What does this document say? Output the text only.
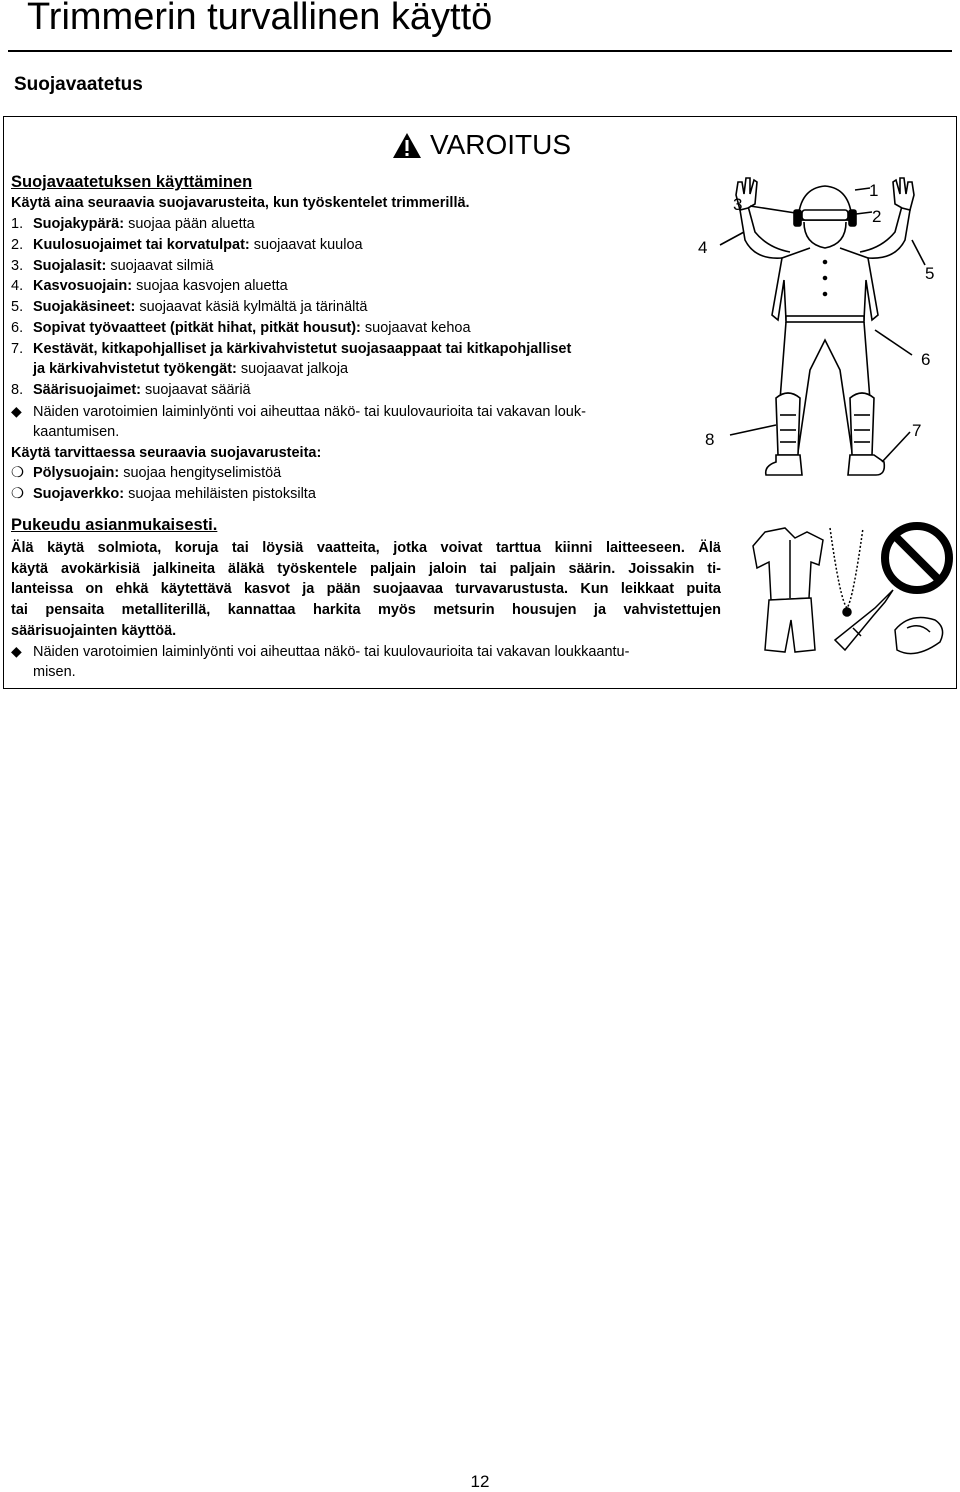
Trimmerin turvallinen käyttö
Suojavaatetus
VAROITUS
Suojavaatetuksen käyttäminen
Käytä aina seuraavia suojavarusteita, kun työskentelet trimmerillä.
1. Suojakypärä: suojaa pään aluetta
2. Kuulosuojaimet tai korvatulpat: suojaavat kuuloa
3. Suojalasit: suojaavat silmiä
4. Kasvosuojain: suojaa kasvojen aluetta
5. Suojakäsineet: suojaavat käsiä kylmältä ja tärinältä
6. Sopivat työvaatteet (pitkät hihat, pitkät housut): suojaavat kehoa
7. Kestävät, kitkapohjalliset ja kärkivahvistetut suojasaappaat tai kitkapohjalliset
ja kärkivahvistetut työkengät: suojaavat jalkoja
8. Säärisuojaimet: suojaavat sääriä
◆ Näiden varotoimien laiminlyönti voi aiheuttaa näkö- tai kuulovaurioita tai vakavan louk-
kaantumisen.
Käytä tarvittaessa seuraavia suojavarusteita:
❍ Pölysuojain: suojaa hengityselimistöä
❍ Suojaverkko: suojaa mehiläisten pistoksilta
Pukeudu asianmukaisesti.
Älä käytä solmiota, koruja tai löysiä vaatteita, jotka voivat tarttua kiinni laitteeseen. Älä
käytä avokärkisiä jalkineita äläkä työskentele paljain jaloin tai paljain säärin. Joissakin ti-
lanteissa on ehkä käytettävä kasvot ja pään suojaavaa turvavarustusta. Kun leikkaat puita
tai pensaita metalliterillä, kannattaa harkita myös metsurin housujen ja vahvistettujen
säärisuojainten käyttöä.
◆ Näiden varotoimien laiminlyönti voi aiheuttaa näkö- tai kuulovaurioita tai vakavan loukkaantu-
misen.
1
2
3
4
5
6
7
8
12
